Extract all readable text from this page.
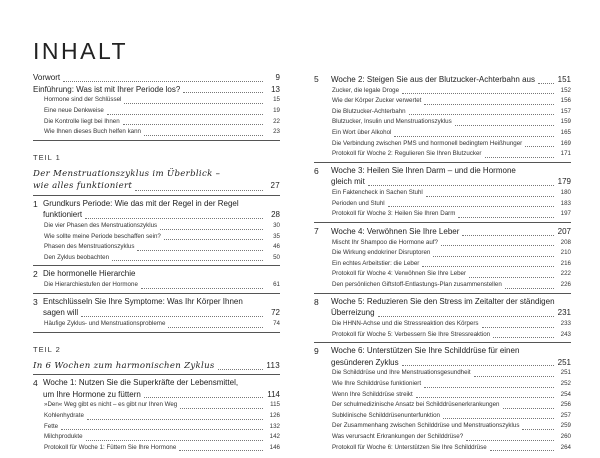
INHALT
Vorwort	9
Einführung: Was ist mit Ihrer Periode los?	13
Hormone sind der Schlüssel	15
Eine neue Denkweise	19
Die Kontrolle liegt bei Ihnen	22
Wie Ihnen dieses Buch helfen kann	23
TEIL 1
Der Menstruationszyklus im Überblick –
wie alles funktioniert	27
1 Grundkurs Periode: Wie das mit der Regel in der Regel
funktioniert	28
Die vier Phasen des Menstruationszyklus	30
Wie sollte meine Periode beschaffen sein?	35
Phasen des Menstruationszyklus	46
Den Zyklus beobachten	50
2 Die hormonelle Hierarchie
Die Hierarchiestufen der Hormone	61
3 Entschlüsseln Sie Ihre Symptome: Was Ihr Körper Ihnen
sagen will	72
Häufige Zyklus- und Menstruationsprobleme	74
TEIL 2
In 6 Wochen zum harmonischen Zyklus	113
4 Woche 1: Nutzen Sie die Superkräfte der Lebensmittel,
um Ihre Hormone zu füttern	114
»Den« Weg gibt es nicht – es gibt nur Ihren Weg	115
Kohlenhydrate	126
Fette	132
Milchprodukte	142
Protokoll für Woche 1: Füttern Sie Ihre Hormone	146
5	Woche 2: Steigen Sie aus der Blutzucker-Achterbahn aus	151
Zucker, die legale Droge	152
Wie der Körper Zucker verwertet	156
Die Blutzucker-Achterbahn	157
Blutzucker, Insulin und Menstruationszyklus	159
Ein Wort über Alkohol	165
Die Verbindung zwischen PMS und hormonell bedingtem Heißhunger	169
Protokoll für Woche 2: Regulieren Sie Ihren Blutzucker	171
6	Woche 3: Heilen Sie Ihren Darm – und die Hormone
gleich mit	179
Ein Faktencheck in Sachen Stuhl	180
Perioden und Stuhl	183
Protokoll für Woche 3: Heilen Sie Ihren Darm	197
7	Woche 4: Verwöhnen Sie Ihre Leber	207
Mischt Ihr Shampoo die Hormone auf?	208
Die Wirkung endokriner Disruptoren	210
Ein echtes Arbeitstier: die Leber	216
Protokoll für Woche 4: Verwöhnen Sie Ihre Leber	222
Den persönlichen Giftstoff-Entlastungs-Plan zusammenstellen	226
8	Woche 5: Reduzieren Sie den Stress im Zeitalter der ständigen
Überreizung	231
Die HHNN-Achse und die Stressreaktion des Körpers	233
Protokoll für Woche 5: Verbessern Sie Ihre Stressreaktion	243
9	Woche 6: Unterstützen Sie Ihre Schilddrüse für einen
gesünderen Zyklus	251
Die Schilddrüse und Ihre Menstruationsgesundheit	251
Wie Ihre Schilddrüse funktioniert	252
Wenn Ihre Schilddrüse streikt	254
Der schulmedizinische Ansatz bei Schilddrüsenerkrankungen	256
Subklinische Schilddrüsenunterfunktion	257
Der Zusammenhang zwischen Schilddrüse und Menstruationszyklus	259
Was verursacht Erkrankungen der Schilddrüse?	260
Protokoll für Woche 6: Unterstützen Sie Ihre Schilddrüse	264
